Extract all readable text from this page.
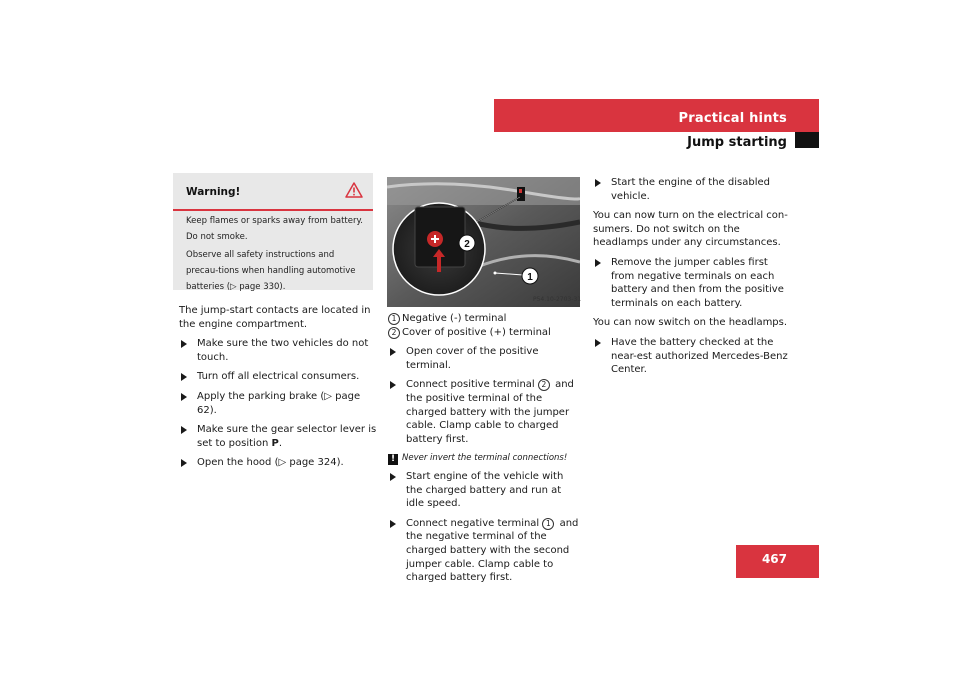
Practical hints
Jump starting
Warning!

Keep flames or sparks away from battery. Do not smoke.

Observe all safety instructions and precau-tions when handling automotive batteries (▷ page 330).

The jump-start contacts are located in the engine compartment.

Make sure the two vehicles do not touch.

Turn off all electrical consumers.

Apply the parking brake (▷ page 62).

Make sure the gear selector lever is set to position P.

Open the hood (▷ page 324).

2
1
P54.10-2703-31

1 Negative (-) terminal

2 Cover of positive (+) terminal

Open cover of the positive terminal.

Connect positive terminal 2 and the positive terminal of the charged battery with the jumper cable. Clamp cable to charged battery first.

! Never invert the terminal connections!

Start engine of the vehicle with the charged battery and run at idle speed.

Connect negative terminal 1 and the negative terminal of the charged battery with the second jumper cable. Clamp cable to charged battery first.

Start the engine of the disabled vehicle.

You can now turn on the electrical con-sumers. Do not switch on the headlamps under any circumstances.

Remove the jumper cables first from negative terminals on each battery and then from the positive terminals on each battery.

You can now switch on the headlamps.

Have the battery checked at the near-est authorized Mercedes-Benz Center.

467
